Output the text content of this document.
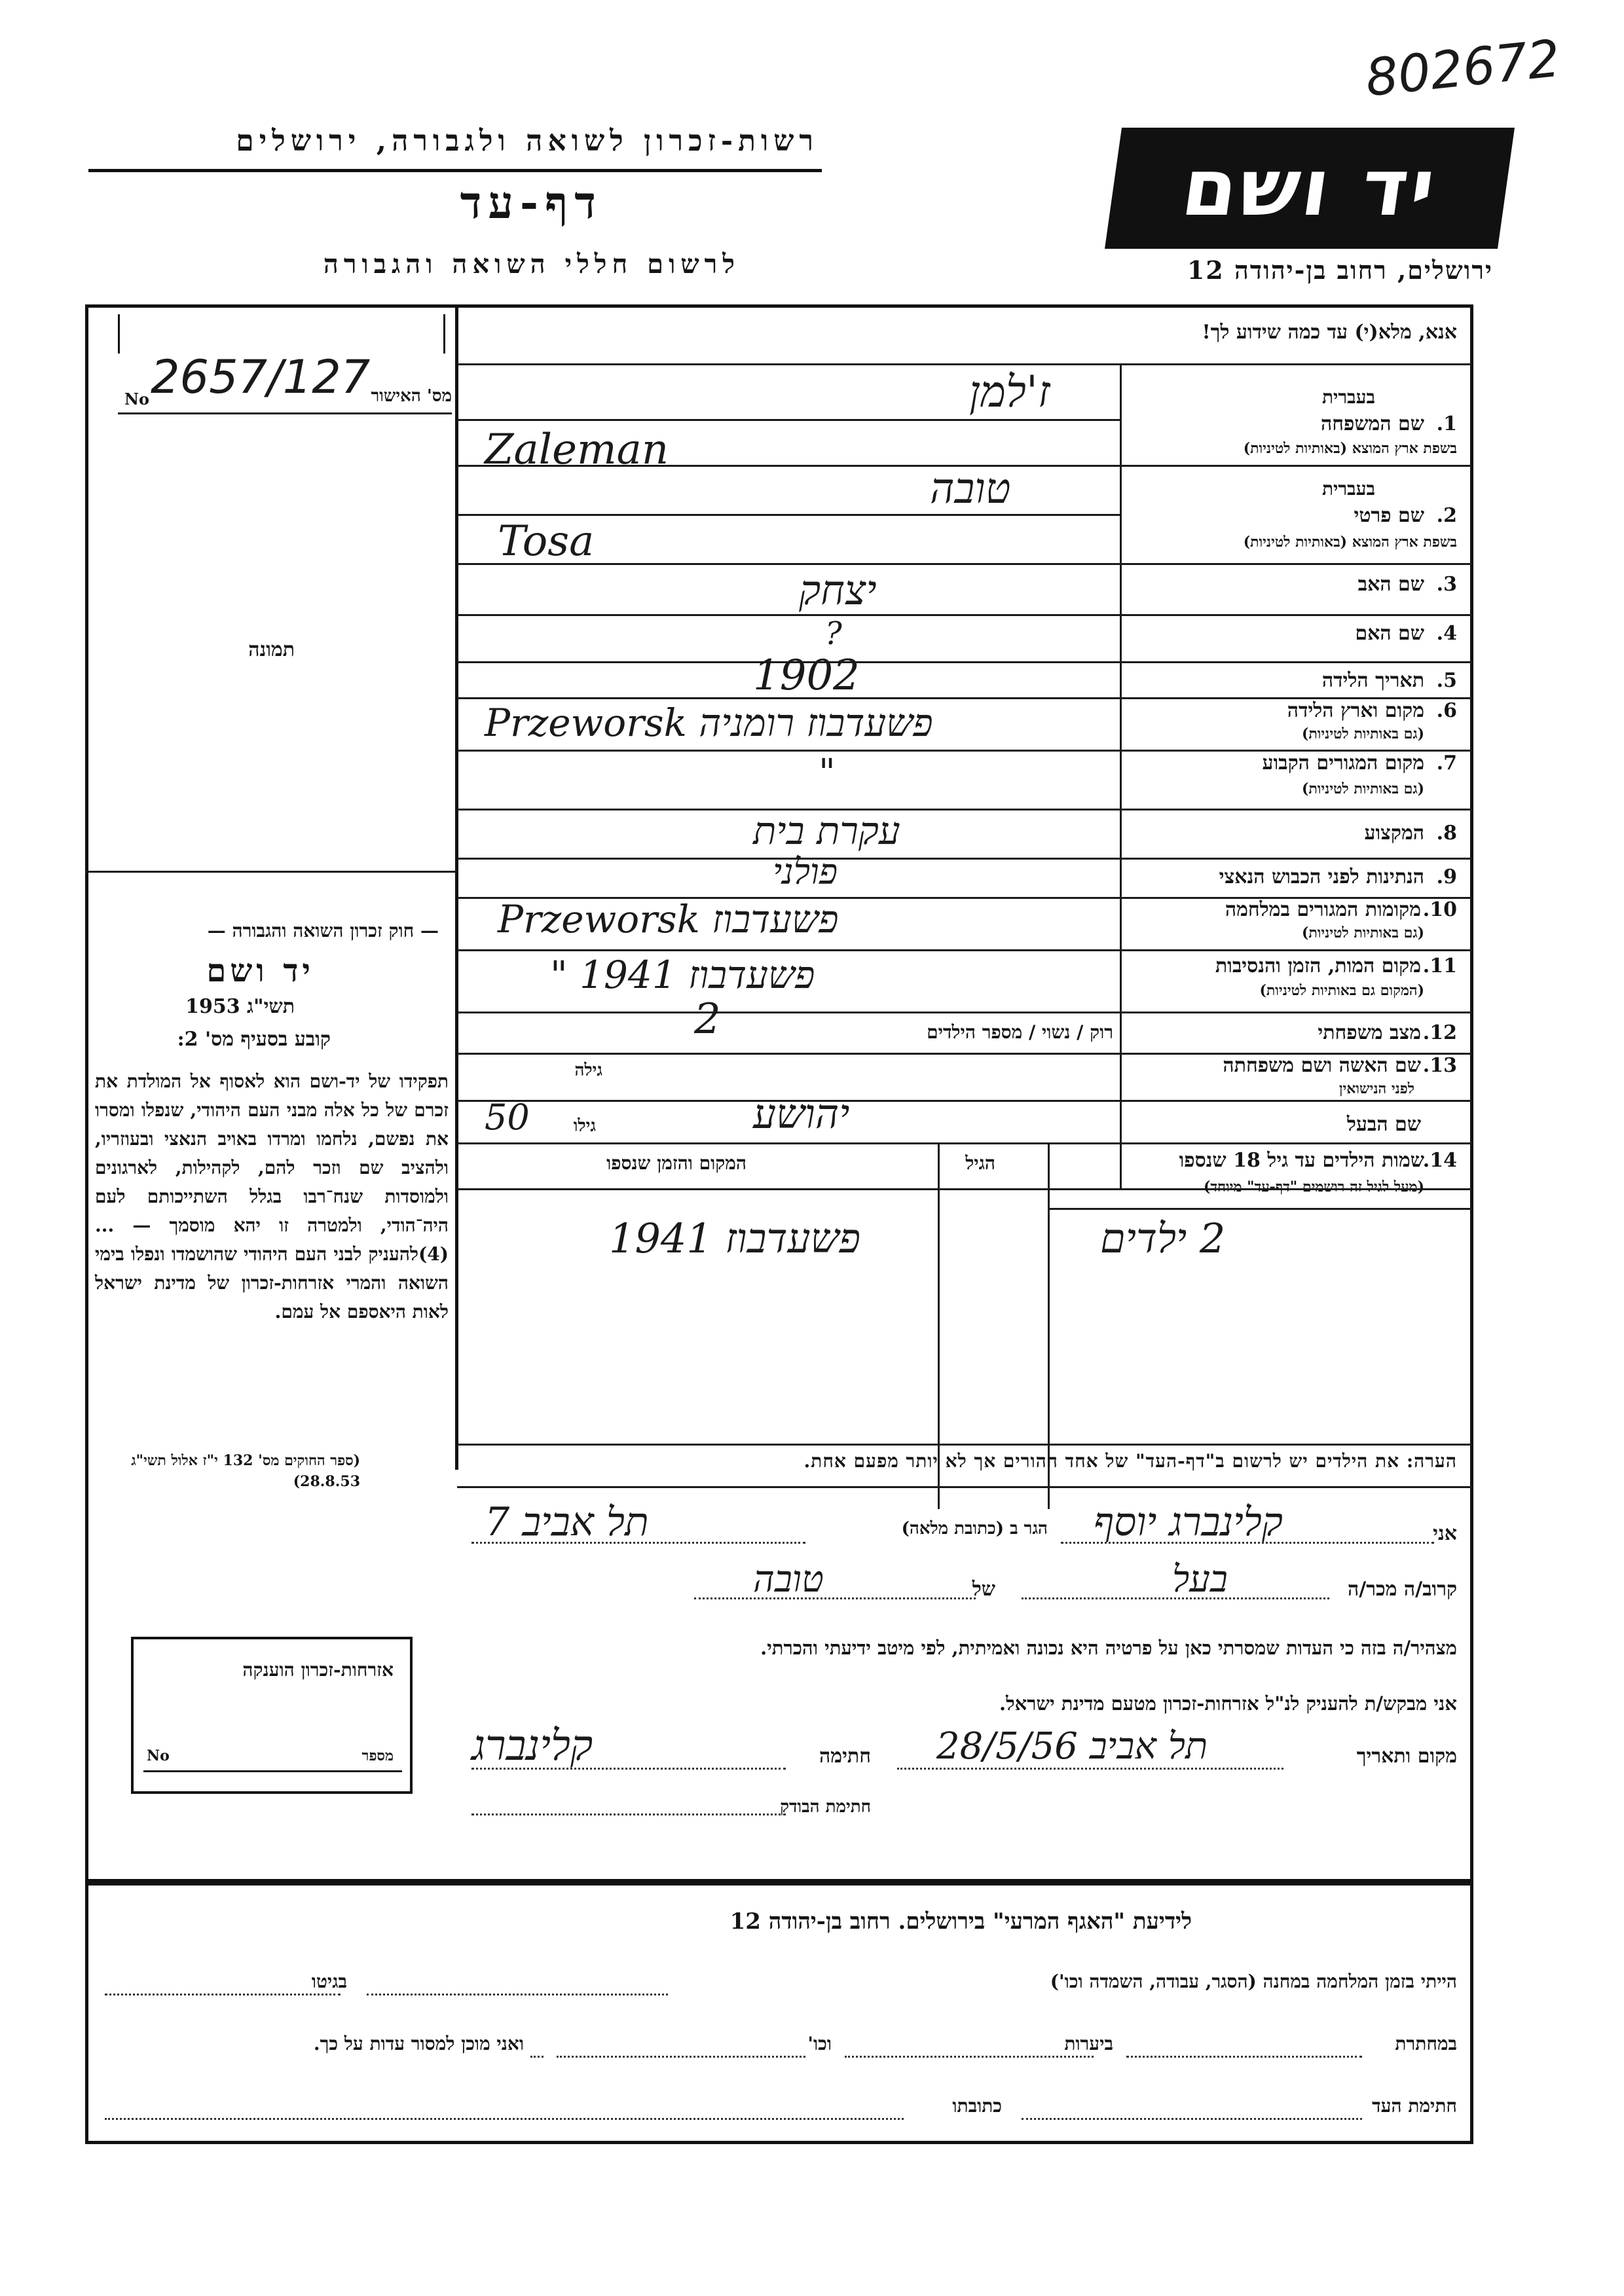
802672
רשות-זכרון לשואה ולגבורה, ירושלים
דף-עד
לרשום חללי השואה והגבורה
יד ושם
ירושלים, רחוב בן-יהודה 12
מס' האישור
No 2657/127
תמונה
אנא, מלא(י) עד כמה שידוע לך!
בעברית
1.
שם המשפחה
בשפת ארץ המוצא (באותיות לטיניות)
ז'למן
Zaleman
בעברית
2.
שם פרטי
בשפת ארץ המוצא (באותיות לטיניות)
טובה
Tosa
3.
שם האב
יצחק
4.
שם האם
?
5.
תאריך הלידה
1902
6.
מקום וארץ הלידה
(גם באותיות לטיניות)
פשעדבוז רומניה Przeworsk
7.
מקום המגורים הקבוע
(גם באותיות לטיניות)
"
8.
המקצוע
עקרת בית
9.
הנתינות לפני הכבוש הנאצי
פולני
10.
מקומות המגורים במלחמה
(גם באותיות לטיניות)
פשעדבוז Przeworsk
11.
מקום המות, הזמן והנסיבות
(המקום גם באותיות לטיניות)
פשעדבוז 1941 "
12.
מצב משפחתי
רוק / נשוי / מספר הילדים
2
13.
שם האשה ושם משפחתה
לפני הנישואין
גילה
שם הבעל
גילו	יהושע
50
14.
שמות הילדים עד גיל 18 שנספו
(מעל לגיל זה רושמים "דף-עד" מיוחד)
הגיל
המקום והזמן שנספו
2 ילדים
פשעדבוז 1941
הערה: את הילדים יש לרשום ב"דף-העד" של אחד ההורים אך לא יותר מפעם אחת.
אני
קלינברג יוסף
הגר ב (כתובת מלאה)
תל אביב 7
קרוב/ה מכר/ה
בעל
של
טובה
מצהיר/ה בזה כי העדות שמסרתי כאן על פרטיה היא נכונה ואמיתית, לפי מיטב ידיעתי והכרתי.
אני מבקש/ת להעניק לנ"ל אזרחות-זכרון מטעם מדינת ישראל.
מקום ותאריך
תל אביב 28/5/56
חתימה
קלינברג
חתימת הבודק
— חוק זכרון השואה והגבורה —
יד ושם
תשי"ג 1953
קובע בסעיף מס' 2:
תפקידו של יד-ושם הוא לאסוף אל המולדת את זכרם של כל אלה מבני העם היהודי, שנפלו ומסרו את נפשם, נלחמו ומרדו באויב הנאצי ובעוזריו, ולהציב שם וזכר להם, לקהילות, לארגונים ולמוסדות שנח־רבו בגלל השתייכותם לעם היה־הודי, ולמטרה זו יהא מוסמך — ...(4)להעניק לבני העם היהודי שהושמדו ונפלו בימי השואה והמרי אזרחות-זכרון של מדינת ישראל לאות היאספם אל עמם.
(ספר החוקים מס' 132 י"ז אלול תשי"ג 28.8.53)
אזרחות-זכרון הוענקה
מספר
No
לידיעת "האגף המרעי" בירושלים. רחוב בן-יהודה 12
הייתי בזמן המלחמה במחנה (הסגר, עבודה, השמדה וכו')
בגיטו
במחתרת
ביערות
וכו'
ואני מוכן למסור עדות על כך.
חתימת העד
כתובתו
